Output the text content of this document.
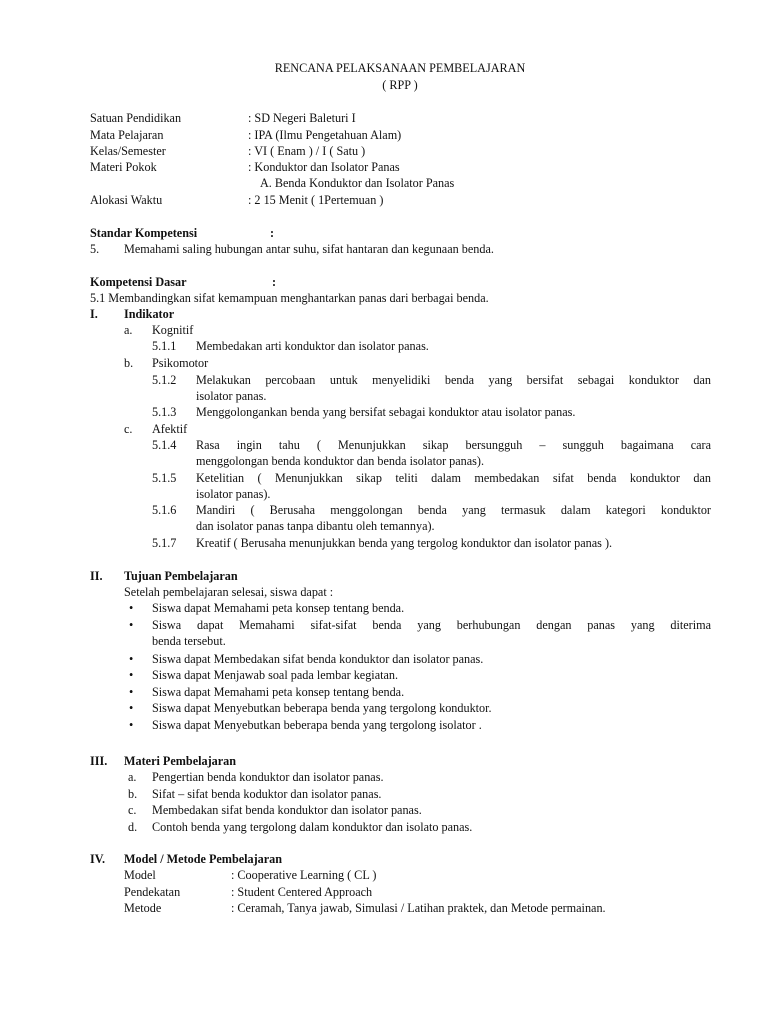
RENCANA PELAKSANAAN PEMBELAJARAN
( RPP )
Satuan Pendidikan	: SD Negeri Baleturi I
Mata Pelajaran	: IPA (Ilmu Pengetahuan Alam)
Kelas/Semester	: VI ( Enam ) / I ( Satu )
Materi Pokok	: Konduktor dan Isolator Panas
A. Benda Konduktor dan Isolator Panas
Alokasi Waktu	: 2 15 Menit ( 1Pertemuan )
Standar Kompetensi	:
5. Memahami saling hubungan antar suhu, sifat hantaran dan kegunaan benda.
Kompetensi Dasar	:
5.1 Membandingkan sifat kemampuan menghantarkan panas dari berbagai benda.
I. Indikator
a. Kognitif
5.1.1 Membedakan arti konduktor dan isolator panas.
b. Psikomotor
5.1.2 Melakukan percobaan untuk menyelidiki benda yang bersifat sebagai konduktor dan
isolator panas.
5.1.3 Menggolongankan benda yang bersifat sebagai konduktor atau isolator panas.
c. Afektif
5.1.4 Rasa ingin tahu ( Menunjukkan sikap bersungguh – sungguh bagaimana cara
menggolongan benda konduktor dan benda isolator panas).
5.1.5 Ketelitian ( Menunjukkan sikap teliti dalam membedakan sifat benda konduktor dan
isolator panas).
5.1.6 Mandiri ( Berusaha menggolongan benda yang termasuk dalam kategori konduktor
dan isolator panas tanpa dibantu oleh temannya).
5.1.7 Kreatif ( Berusaha menunjukkan benda yang tergolog konduktor dan isolator panas ).
II. Tujuan Pembelajaran
Setelah pembelajaran selesai, siswa dapat :
• Siswa dapat Memahami peta konsep tentang benda.
• Siswa dapat Memahami sifat-sifat benda yang berhubungan dengan panas yang diterima
benda tersebut.
• Siswa dapat Membedakan sifat benda konduktor dan isolator panas.
• Siswa dapat Menjawab soal pada lembar kegiatan.
• Siswa dapat Memahami peta konsep tentang benda.
• Siswa dapat Menyebutkan beberapa benda yang tergolong konduktor.
• Siswa dapat Menyebutkan beberapa benda yang tergolong isolator .
III. Materi Pembelajaran
a. Pengertian benda konduktor dan isolator panas.
b. Sifat – sifat benda koduktor dan isolator panas.
c. Membedakan sifat benda konduktor dan isolator panas.
d. Contoh benda yang tergolong dalam konduktor dan isolato panas.
IV. Model / Metode Pembelajaran
Model	: Cooperative Learning ( CL )
Pendekatan	: Student Centered Approach
Metode	: Ceramah, Tanya jawab, Simulasi / Latihan praktek, dan Metode permainan.
